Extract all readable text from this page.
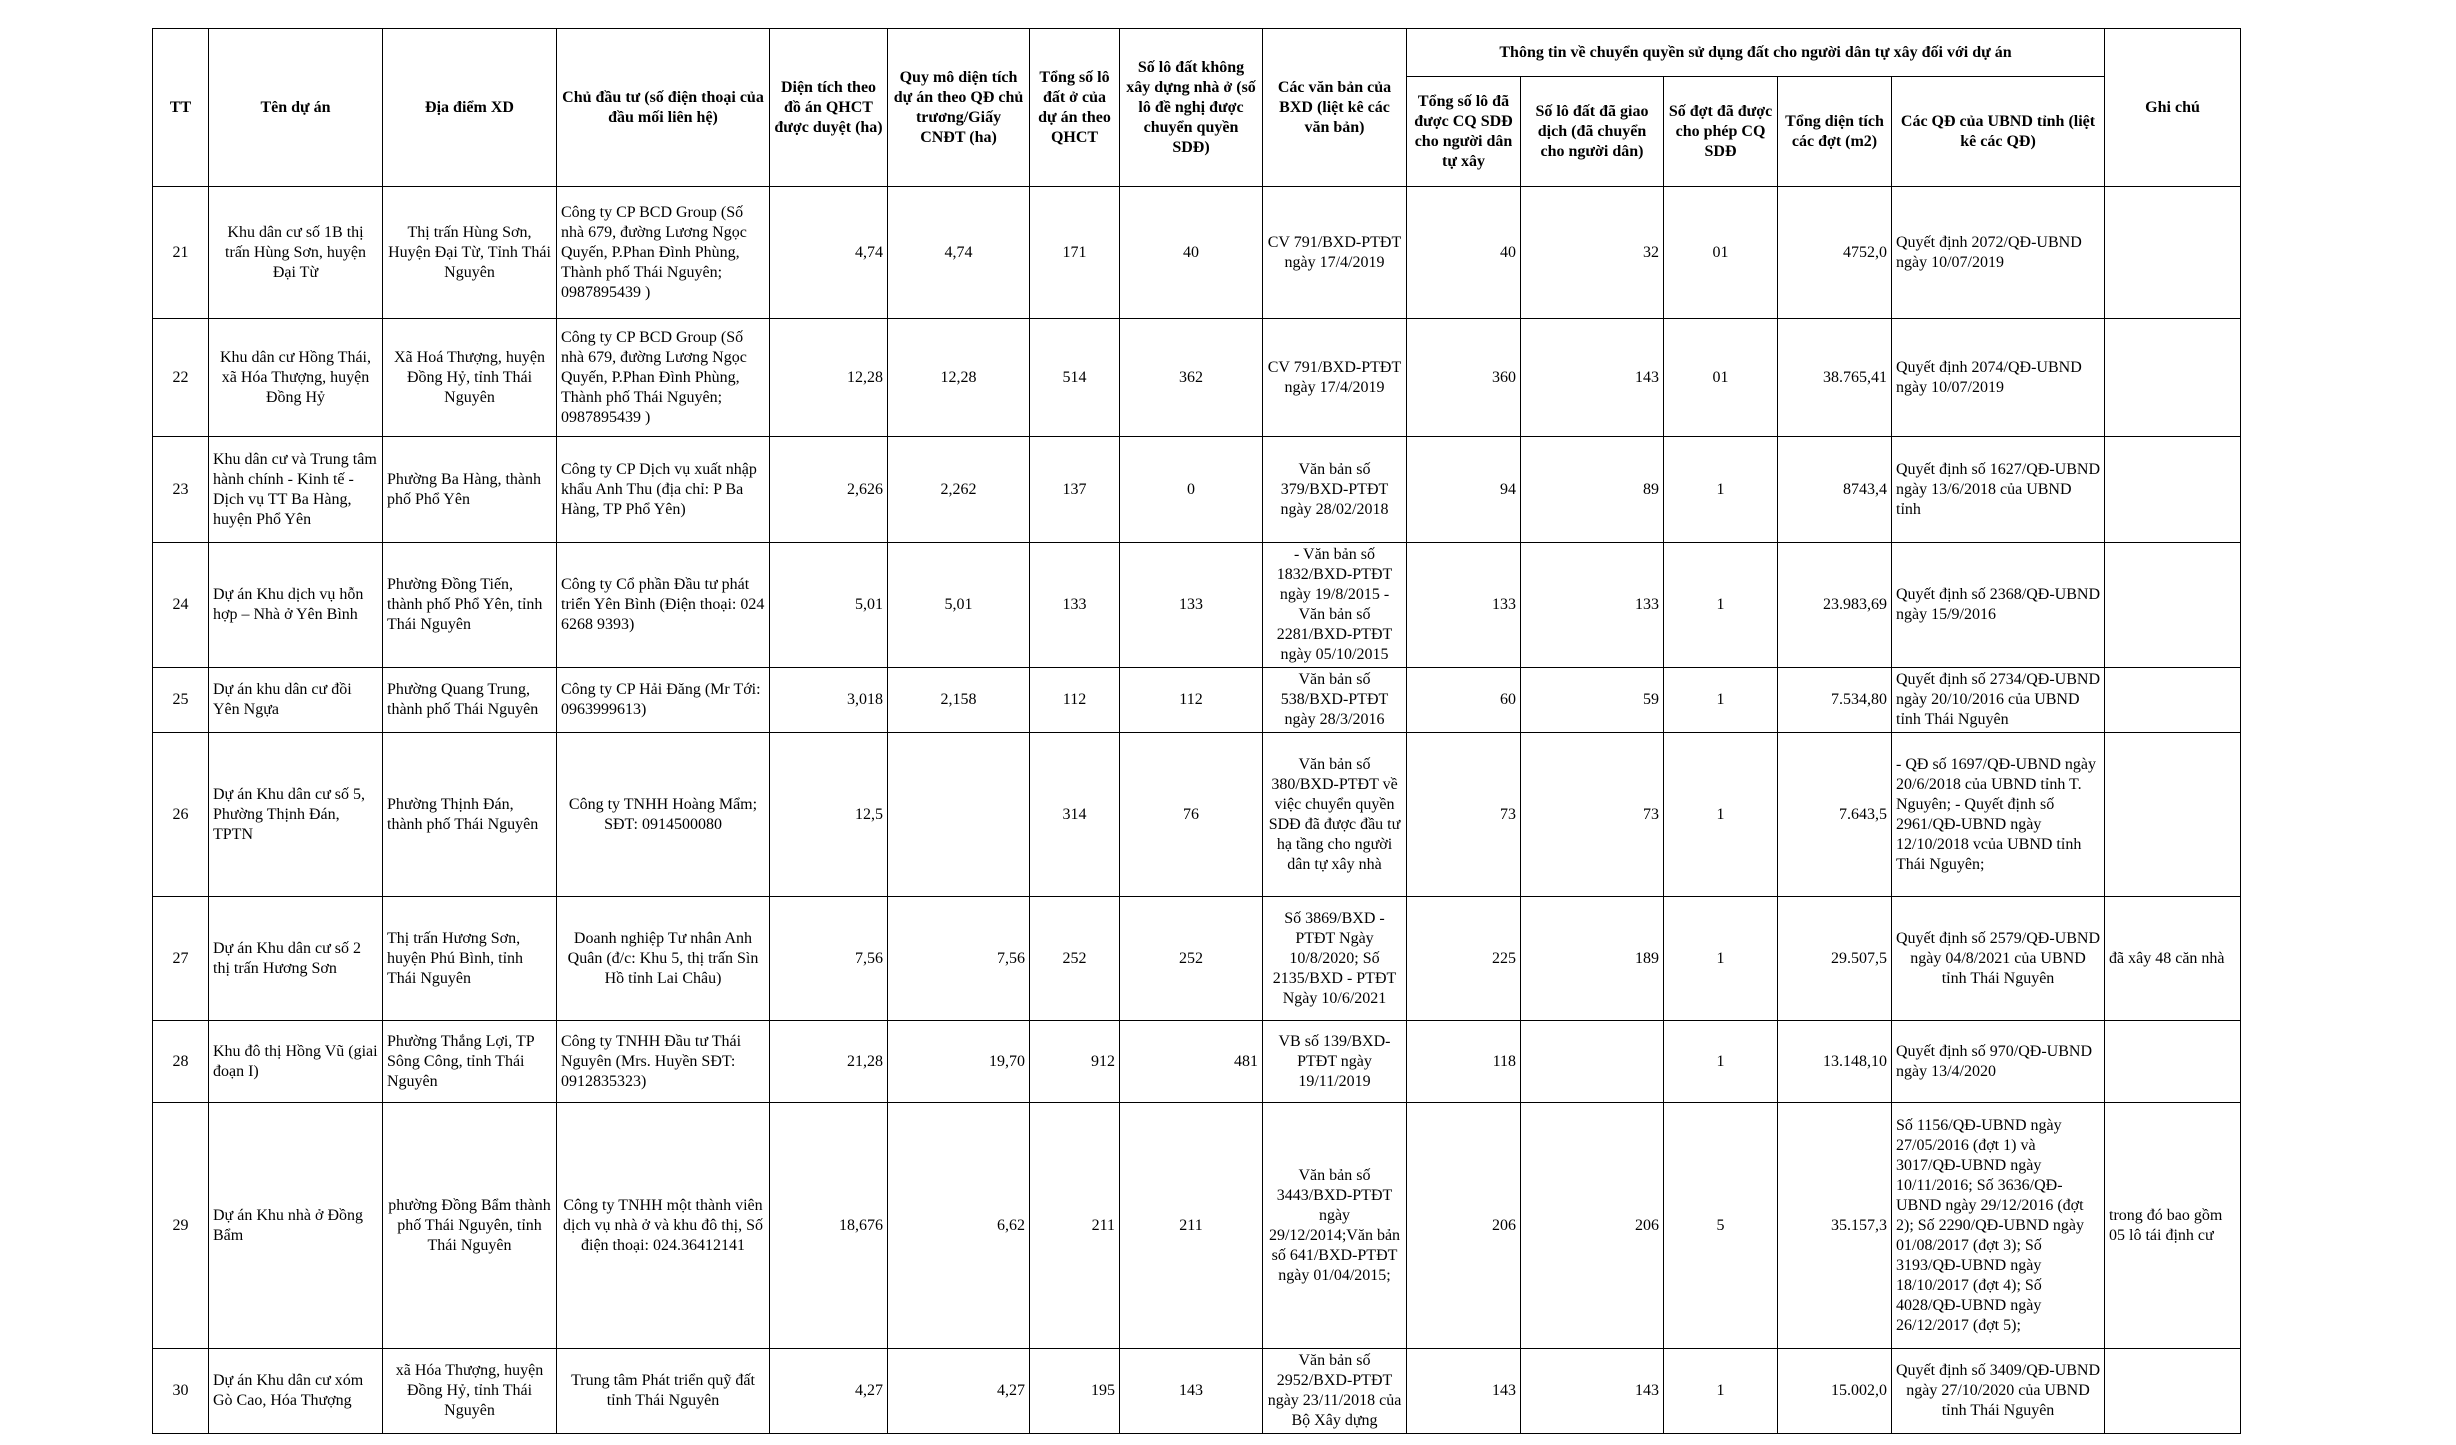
TT	Tên dự án	Địa điểm XD	Chủ đầu tư (số điện thoại của đầu mối liên hệ)	Diện tích theo đồ án QHCT được duyệt (ha)	Quy mô diện tích dự án theo QĐ chủ trương/Giấy CNĐT (ha)	Tổng số lô đất ở của dự án theo QHCT	Số lô đất không xây dựng nhà ở (số lô đề nghị được chuyển quyền SDĐ)	Các văn bản của BXD (liệt kê các văn bản)	Thông tin về chuyển quyền sử dụng đất cho người dân tự xây đối với dự án					Ghi chú
									Tổng số lô đã được CQ SDĐ cho người dân tự xây	Số lô đất đã giao dịch (đã chuyển cho người dân)	Số đợt đã được cho phép CQ SDĐ	Tổng diện tích các đợt (m2)	Các QĐ của UBND tỉnh (liệt kê các QĐ)	
21	Khu dân cư số 1B thị trấn Hùng Sơn, huyện Đại Từ	Thị trấn Hùng Sơn, Huyện Đại Từ, Tỉnh Thái Nguyên	Công ty CP BCD Group (Số nhà 679, đường Lương Ngọc Quyến, P.Phan Đình Phùng, Thành phố Thái Nguyên; 0987895439 )	4,74	4,74	171	40	CV 791/BXD-PTĐT ngày 17/4/2019	40	32	01	4752,0	Quyết định 2072/QĐ-UBND ngày 10/07/2019	
22	Khu dân cư Hồng Thái, xã Hóa Thượng, huyện Đồng Hỷ	Xã Hoá Thượng, huyện Đồng Hỷ, tỉnh Thái Nguyên	Công ty CP BCD Group (Số nhà 679, đường Lương Ngọc Quyến, P.Phan Đình Phùng, Thành phố Thái Nguyên; 0987895439 )	12,28	12,28	514	362	CV 791/BXD-PTĐT ngày 17/4/2019	360	143	01	38.765,41	Quyết định 2074/QĐ-UBND ngày 10/07/2019	
23	Khu dân cư và Trung tâm hành chính - Kinh tế - Dịch vụ TT Ba Hàng, huyện Phổ Yên	Phường Ba Hàng, thành phố Phổ Yên	Công ty CP Dịch vụ xuất nhập khẩu Anh Thu (địa chỉ: P Ba Hàng, TP Phổ Yên)	2,626	2,262	137	0	Văn bản số 379/BXD-PTĐT ngày 28/02/2018	94	89	1	8743,4	Quyết định số 1627/QĐ-UBND ngày 13/6/2018 của UBND tỉnh	
24	Dự án Khu dịch vụ hỗn hợp – Nhà ở Yên Bình	Phường Đồng Tiến, thành phố Phổ Yên, tỉnh Thái Nguyên	Công ty Cổ phần Đầu tư phát triển Yên Bình (Điện thoại: 024 6268 9393)	5,01	5,01	133	133	- Văn bản số 1832/BXD-PTĐT ngày 19/8/2015 - Văn bản số 2281/BXD-PTĐT ngày 05/10/2015	133	133	1	23.983,69	Quyết định số 2368/QĐ-UBND ngày 15/9/2016	
25	Dự án khu dân cư đồi Yên Ngựa	Phường Quang Trung, thành phố Thái Nguyên	Công ty CP Hải Đăng (Mr Tới: 0963999613)	3,018	2,158	112	112	Văn bản số 538/BXD-PTĐT ngày 28/3/2016	60	59	1	7.534,80	Quyết định số 2734/QĐ-UBND ngày 20/10/2016 của UBND tỉnh Thái Nguyên	
26	Dự án Khu dân cư số 5, Phường Thịnh Đán, TPTN	Phường Thịnh Đán, thành phố Thái Nguyên	Công ty TNHH Hoàng Mẩm; SĐT: 0914500080	12,5		314	76	Văn bản số 380/BXD-PTĐT về việc chuyển quyền SDĐ đã được đầu tư hạ tầng cho người dân tự xây nhà	73	73	1	7.643,5	- QĐ số 1697/QĐ-UBND ngày 20/6/2018 của UBND tỉnh T. Nguyên; - Quyết định số 2961/QĐ-UBND ngày 12/10/2018 vcủa UBND tỉnh Thái Nguyên;	
27	Dự án Khu dân cư số 2 thị trấn Hương Sơn	Thị trấn Hương Sơn, huyện Phú Bình, tỉnh Thái Nguyên	Doanh nghiệp Tư nhân Anh Quân (đ/c: Khu 5, thị trấn Sìn Hồ tỉnh Lai Châu)	7,56	7,56	252	252	Số 3869/BXD - PTĐT Ngày 10/8/2020; Số 2135/BXD - PTĐT Ngày 10/6/2021	225	189	1	29.507,5	Quyết định số 2579/QĐ-UBND ngày 04/8/2021 của UBND tỉnh Thái Nguyên	đã xây 48 căn nhà
28	Khu đô thị Hồng Vũ (giai đoạn I)	Phường Thắng Lợi, TP Sông Công, tỉnh Thái Nguyên	Công ty TNHH Đầu tư Thái Nguyên (Mrs. Huyền SĐT: 0912835323)	21,28	19,70	912	481	VB số 139/BXD-PTĐT ngày 19/11/2019	118		1	13.148,10	Quyết định số 970/QĐ-UBND ngày 13/4/2020	
29	Dự án Khu nhà ở Đồng Bẩm	phường Đồng Bẩm thành phố Thái Nguyên, tỉnh Thái Nguyên	Công ty TNHH một thành viên dịch vụ nhà ở và khu đô thị, Số điện thoại: 024.36412141	18,676	6,62	211	211	Văn bản số 3443/BXD-PTĐT ngày 29/12/2014;Văn bản số 641/BXD-PTĐT ngày 01/04/2015;	206	206	5	35.157,3	Số 1156/QĐ-UBND ngày 27/05/2016 (đợt 1) và 3017/QĐ-UBND ngày 10/11/2016; Số 3636/QĐ-UBND ngày 29/12/2016 (đợt 2); Số 2290/QĐ-UBND ngày 01/08/2017 (đợt 3); Số 3193/QĐ-UBND ngày 18/10/2017 (đợt 4); Số 4028/QĐ-UBND ngày 26/12/2017 (đợt 5);	trong đó bao gồm 05 lô tái định cư
30	Dự án Khu dân cư xóm Gò Cao, Hóa Thượng	xã Hóa Thượng, huyện Đồng Hỷ, tỉnh Thái Nguyên	Trung tâm Phát triển quỹ đất tỉnh Thái Nguyên	4,27	4,27	195	143	Văn bản số 2952/BXD-PTĐT ngày 23/11/2018 của Bộ Xây dựng	143	143	1	15.002,0	Quyết định số 3409/QĐ-UBND ngày 27/10/2020 của UBND tỉnh Thái Nguyên	
